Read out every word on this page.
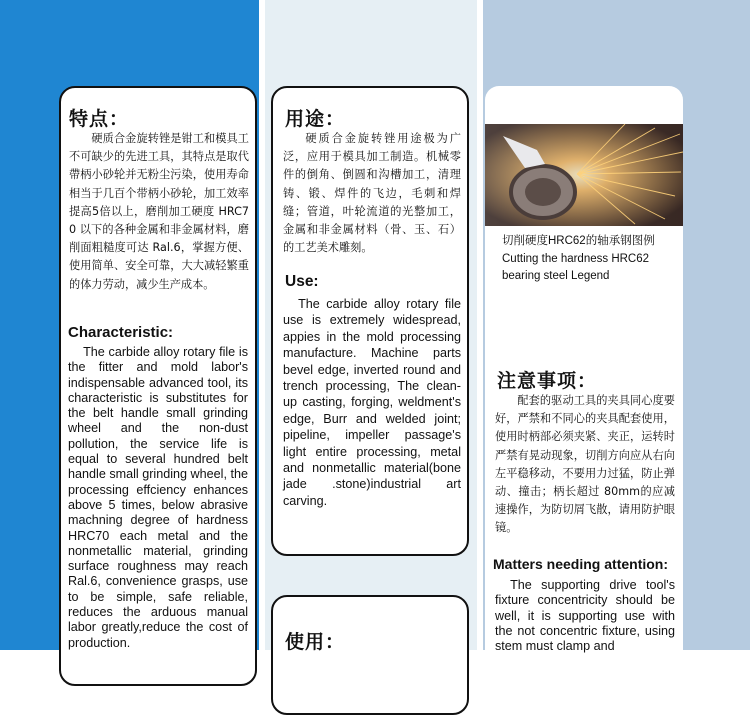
特点：

硬质合金旋转锉是钳工和模具工不可缺少的先进工具，其特点是取代帶柄小砂轮并无粉尘污染，使用寿命相当于几百个带柄小砂轮，加工效率提高5倍以上，磨削加工硬度 HRC70 以下的各种金属和非金属材料，磨削面粗糙度可达 Ral.6，掌握方便、使用简单、安全可靠，大大减轻繁重的体力劳动，减少生产成本。

Characteristic:

The carbide alloy rotary file is the fitter and mold labor's indispensable advanced tool, its characteristic is substitutes for the belt handle small grinding wheel and the non-dust pollution, the service life is equal to several hundred belt handle small grinding wheel, the processing effciency enhances above 5 times, below abrasive machning degree of hardness HRC70 each metal and the nonmetallic material, grinding surface roughness may reach Ral.6, convenience grasps, use to be simple, safe reliable, reduces the arduous manual labor greatly,reduce the cost of production.

用途：

硬质合金旋转锉用途极为广泛，应用于模具加工制造。机械零件的倒角、倒圆和沟槽加工，清理铸、锻、焊件的飞边，毛刺和焊缝；管道，叶轮流道的光整加工，金属和非金属材料（骨、玉、石）的工艺美术雕刻。

Use:

The carbide alloy rotary file use is extremely widespread, appies in the mold processing manufacture. Machine parts bevel edge, inverted round and trench processing, The clean-up casting, forging, weldment's edge, Burr and welded joint; pipeline, impeller passage's light entire processing, metal and nonmetallic material(bone jade .stone)industrial art carving.

使用：

切削硬度HRC62的轴承钢图例

Cutting the hardness HRC62

bearing steel Legend

注意事项：

配套的驱动工具的夹具同心度要好，严禁和不同心的夹具配套使用，使用时柄部必须夹紧、夹正，运转时严禁有晃动现象，切削方向应从右向左平稳移动，不要用力过猛，防止弹动、撞击；柄长超过 80mm的应减速操作，为防切屑飞散，请用防护眼镜。

Matters needing attention:

The supporting drive tool's fixture concentricity should be well, it is supporting use with the not concentric fixture, using stem must clamp and
